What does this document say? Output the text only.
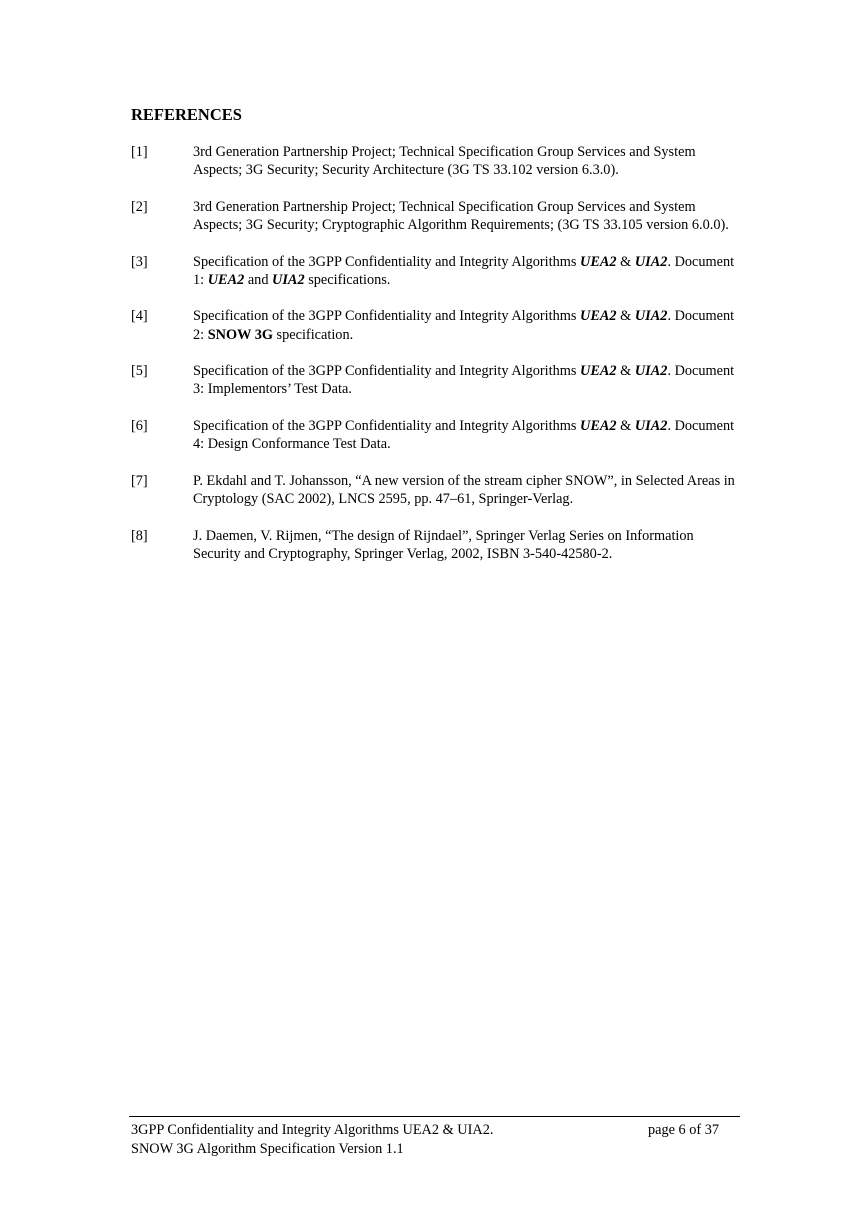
REFERENCES
[1]	3rd Generation Partnership Project; Technical Specification Group Services and System Aspects; 3G Security; Security Architecture (3G TS 33.102 version 6.3.0).
[2]	3rd Generation Partnership Project; Technical Specification Group Services and System Aspects; 3G Security; Cryptographic Algorithm Requirements; (3G TS 33.105 version 6.0.0).
[3]	Specification of the 3GPP Confidentiality and Integrity Algorithms UEA2 & UIA2. Document 1: UEA2 and UIA2 specifications.
[4]	Specification of the 3GPP Confidentiality and Integrity Algorithms UEA2 & UIA2. Document 2: SNOW 3G specification.
[5]	Specification of the 3GPP Confidentiality and Integrity Algorithms UEA2 & UIA2. Document 3: Implementors’ Test Data.
[6]	Specification of the 3GPP Confidentiality and Integrity Algorithms UEA2 & UIA2. Document 4: Design Conformance Test Data.
[7]	P. Ekdahl and T. Johansson, “A new version of the stream cipher SNOW”, in Selected Areas in Cryptology (SAC 2002), LNCS 2595, pp. 47–61, Springer-Verlag.
[8]	J. Daemen, V. Rijmen, “The design of Rijndael”, Springer Verlag Series on Information Security and Cryptography, Springer Verlag, 2002, ISBN 3-540-42580-2.
3GPP Confidentiality and Integrity Algorithms UEA2 & UIA2.	page 6 of 37
SNOW 3G Algorithm Specification Version 1.1
